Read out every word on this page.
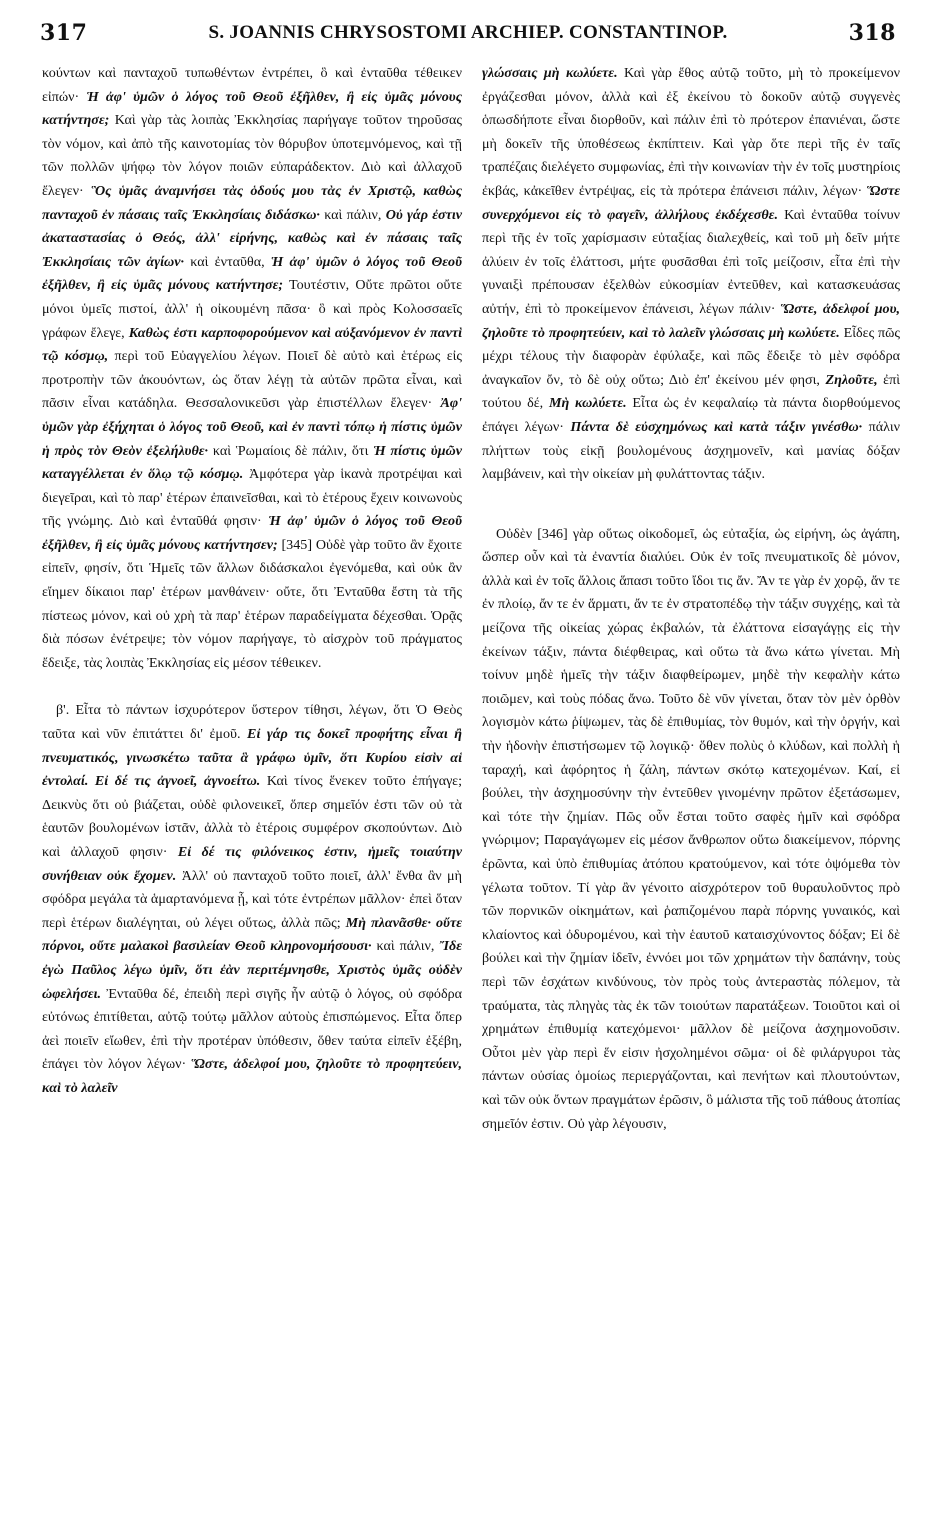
317	S. JOANNIS CHRYSOSTOMI ARCHIEP. CONSTANTINOP.	318

κούντων καὶ πανταχοῦ τυπωθέντων ἐντρέπει, ὃ καὶ ἐνταῦθα τέθεικεν εἰπών· Ἡ ἀφ' ὑμῶν ὁ λόγος τοῦ Θεοῦ ἐξῆλθεν, ἢ εἰς ὑμᾶς μόνους κατήντησε; Καὶ γὰρ τὰς λοιπὰς Ἐκκλησίας παρήγαγε τοῦτον τηροῦσας τὸν νόμον, καὶ ἀπὸ τῆς καινοτομίας τὸν θόρυβον ὑποτεμνόμενος, καὶ τῇ τῶν πολλῶν ψήφῳ τὸν λόγον ποιῶν εὐπαράδεκτον. Διὸ καὶ ἀλλαχοῦ ἔλεγεν· Ὃς ὑμᾶς ἀναμνήσει τὰς ὁδούς μου τὰς ἐν Χριστῷ, καθὼς πανταχοῦ ἐν πάσαις ταῖς Ἐκκλησίαις διδάσκω· καὶ πάλιν, Οὐ γάρ ἐστιν ἀκαταστασίας ὁ Θεός, ἀλλ' εἰρήνης, καθὼς καὶ ἐν πάσαις ταῖς Ἐκκλησίαις τῶν ἁγίων· καὶ ἐνταῦθα, Ἡ ἀφ' ὑμῶν ὁ λόγος τοῦ Θεοῦ ἐξῆλθεν, ἢ εἰς ὑμᾶς μόνους κατήντησε; Τουτέστιν, Οὔτε πρῶτοι οὔτε μόνοι ὑμεῖς πιστοί, ἀλλ' ἡ οἰκουμένη πᾶσα· ὃ καὶ πρὸς Κολοσσαεῖς γράφων ἔλεγε, Καθὼς ἐστι καρποφορούμενον καὶ αὐξανόμενον ἐν παντὶ τῷ κόσμῳ, περὶ τοῦ Εὐαγγελίου λέγων. Ποιεῖ δὲ αὐτὸ καὶ ἑτέρως εἰς προτροπὴν τῶν ἀκουόντων, ὡς ὅταν λέγῃ τὰ αὐτῶν πρῶτα εἶναι, καὶ πᾶσιν εἶναι κατάδηλα. Θεσσαλονικεῦσι γὰρ ἐπιστέλλων ἔλεγεν· Ἀφ' ὑμῶν γὰρ ἐξήχηται ὁ λόγος τοῦ Θεοῦ, καὶ ἐν παντὶ τόπῳ ἡ πίστις ὑμῶν ἡ πρὸς τὸν Θεὸν ἐξελήλυθε· καὶ Ῥωμαίοις δὲ πάλιν, ὅτι Ἡ πίστις ὑμῶν καταγγέλλεται ἐν ὅλῳ τῷ κόσμῳ. Ἀμφότερα γὰρ ἱκανὰ προτρέψαι καὶ διεγεῖραι, καὶ τὸ παρ' ἑτέρων ἐπαινεῖσθαι, καὶ τὸ ἑτέρους ἔχειν κοινωνοὺς τῆς γνώμης. Διὸ καὶ ἐνταῦθά φησιν· Ἡ ἀφ' ὑμῶν ὁ λόγος τοῦ Θεοῦ ἐξῆλθεν, ἢ εἰς ὑμᾶς μόνους κατήντησεν; [345] Οὐδὲ γὰρ τοῦτο ἂν ἔχοιτε εἰπεῖν, φησίν, ὅτι Ἡμεῖς τῶν ἄλλων διδάσκαλοι ἐγενόμεθα, καὶ οὐκ ἂν εἴημεν δίκαιοι παρ' ἑτέρων μανθάνειν· οὔτε, ὅτι Ἐνταῦθα ἔστη τὰ τῆς πίστεως μόνον, καὶ οὐ χρὴ τὰ παρ' ἑτέρων παραδείγματα δέχεσθαι. Ὁρᾷς διὰ πόσων ἐνέτρεψε; τὸν νόμον παρήγαγε, τὸ αἰσχρὸν τοῦ πράγματος ἔδειξε, τὰς λοιπὰς Ἐκκλησίας εἰς μέσον τέθεικεν.

β'. Εἶτα τὸ πάντων ἰσχυρότερον ὕστερον τίθησι, λέγων, ὅτι Ὁ Θεὸς ταῦτα καὶ νῦν ἐπιτάττει δι' ἐμοῦ. Εἰ γάρ τις δοκεῖ προφήτης εἶναι ἢ πνευματικός, γινωσκέτω ταῦτα ἃ γράφω ὑμῖν, ὅτι Κυρίου εἰσὶν αἱ ἐντολαί. Εἰ δέ τις ἀγνοεῖ, ἀγνοείτω. Καὶ τίνος ἕνεκεν τοῦτο ἐπήγαγε; Δεικνὺς ὅτι οὐ βιάζεται, οὐδὲ φιλονεικεῖ, ὅπερ σημεῖόν ἐστι τῶν οὐ τὰ ἑαυτῶν βουλομένων ἱστᾶν, ἀλλὰ τὸ ἑτέροις συμφέρον σκοπούντων. Διὸ καὶ ἀλλαχοῦ φησιν· Εἰ δέ τις φιλόνεικος ἐστιν, ἡμεῖς τοιαύτην συνήθειαν οὐκ ἔχομεν. Ἀλλ' οὐ πανταχοῦ τοῦτο ποιεῖ, ἀλλ' ἔνθα ἂν μὴ σφόδρα μεγάλα τὰ ἁμαρτανόμενα ᾖ, καὶ τότε ἐντρέπων μᾶλλον· ἐπεὶ ὅταν περὶ ἑτέρων διαλέγηται, οὐ λέγει οὕτως, ἀλλὰ πῶς; Μὴ πλανᾶσθε· οὔτε πόρνοι, οὔτε μαλακοὶ βασιλείαν Θεοῦ κληρονομήσουσι· καὶ πάλιν, Ἴδε ἐγὼ Παῦλος λέγω ὑμῖν, ὅτι ἐὰν περιτέμνησθε, Χριστὸς ὑμᾶς οὐδὲν ὠφελήσει. Ἐνταῦθα δέ, ἐπειδὴ περὶ σιγῆς ἦν αὐτῷ ὁ λόγος, οὐ σφόδρα εὐτόνως ἐπιτίθεται, αὐτῷ τούτῳ μᾶλλον αὐτοὺς ἐπισπώμενος. Εἶτα ὅπερ ἀεὶ ποιεῖν εἴωθεν, ἐπὶ τὴν προτέραν ὑπόθεσιν, ὅθεν ταύτα εἰπεῖν ἐξέβη, ἐπάγει τὸν λόγον λέγων· Ὥστε, ἀδελφοί μου, ζηλοῦτε τὸ προφητεύειν, καὶ τὸ λαλεῖν

γλώσσαις μὴ κωλύετε. Καὶ γὰρ ἔθος αὐτῷ τοῦτο, μὴ τὸ προκείμενον ἐργάζεσθαι μόνον, ἀλλὰ καὶ ἐξ ἐκείνου τὸ δοκοῦν αὐτῷ συγγενὲς ὁπωσδήποτε εἶναι διορθοῦν, καὶ πάλιν ἐπὶ τὸ πρότερον ἐπανιέναι, ὥστε μὴ δοκεῖν τῆς ὑποθέσεως ἐκπίπτειν. Καὶ γὰρ ὅτε περὶ τῆς ἐν ταῖς τραπέζαις διελέγετο συμφωνίας, ἐπὶ τὴν κοινωνίαν τὴν ἐν τοῖς μυστηρίοις ἐκβάς, κἀκεῖθεν ἐντρέψας, εἰς τὰ πρότερα ἐπάνεισι πάλιν, λέγων· Ὥστε συνερχόμενοι εἰς τὸ φαγεῖν, ἀλλήλους ἐκδέχεσθε. Καὶ ἐνταῦθα τοίνυν περὶ τῆς ἐν τοῖς χαρίσμασιν εὐταξίας διαλεχθείς, καὶ τοῦ μὴ δεῖν μήτε ἀλύειν ἐν τοῖς ἐλάττοσι, μήτε φυσᾶσθαι ἐπὶ τοῖς μείζοσιν, εἶτα ἐπὶ τὴν γυναιξὶ πρέπουσαν ἐξελθὼν εὐκοσμίαν ἐντεῦθεν, καὶ κατασκευάσας αὐτήν, ἐπὶ τὸ προκείμενον ἐπάνεισι, λέγων πάλιν· Ὥστε, ἀδελφοί μου, ζηλοῦτε τὸ προφητεύειν, καὶ τὸ λαλεῖν γλώσσαις μὴ κωλύετε. Εἶδες πῶς μέχρι τέλους τὴν διαφορὰν ἐφύλαξε, καὶ πῶς ἔδειξε τὸ μὲν σφόδρα ἀναγκαῖον ὄν, τὸ δὲ οὐχ οὕτω; Διὸ ἐπ' ἐκείνου μέν φησι, Ζηλοῦτε, ἐπὶ τούτου δέ, Μὴ κωλύετε. Εἶτα ὡς ἐν κεφαλαίῳ τὰ πάντα διορθούμενος ἐπάγει λέγων· Πάντα δὲ εὐσχημόνως καὶ κατὰ τάξιν γινέσθω· πάλιν πλήττων τοὺς εἰκῇ βουλομένους ἀσχημονεῖν, καὶ μανίας δόξαν λαμβάνειν, καὶ τὴν οἰκείαν μὴ φυλάττοντας τάξιν.

Οὐδὲν [346] γὰρ οὕτως οἰκοδομεῖ, ὡς εὐταξία, ὡς εἰρήνη, ὡς ἀγάπη, ὥσπερ οὖν καὶ τὰ ἐναντία διαλύει. Οὐκ ἐν τοῖς πνευματικοῖς δὲ μόνον, ἀλλὰ καὶ ἐν τοῖς ἄλλοις ἅπασι τοῦτο ἴδοι τις ἄν. Ἄν τε γὰρ ἐν χορῷ, ἄν τε ἐν πλοίῳ, ἄν τε ἐν ἅρματι, ἄν τε ἐν στρατοπέδῳ τὴν τάξιν συγχέῃς, καὶ τὰ μείζονα τῆς οἰκείας χώρας ἐκβαλών, τὰ ἐλάττονα εἰσαγάγῃς εἰς τὴν ἐκείνων τάξιν, πάντα διέφθειρας, καὶ οὕτω τὰ ἄνω κάτω γίνεται. Μὴ τοίνυν μηδὲ ἡμεῖς τὴν τάξιν διαφθείρωμεν, μηδὲ τὴν κεφαλὴν κάτω ποιῶμεν, καὶ τοὺς πόδας ἄνω. Τοῦτο δὲ νῦν γίνεται, ὅταν τὸν μὲν ὀρθὸν λογισμὸν κάτω ῥίψωμεν, τὰς δὲ ἐπιθυμίας, τὸν θυμόν, καὶ τὴν ὀργήν, καὶ τὴν ἡδονὴν ἐπιστήσωμεν τῷ λογικῷ· ὅθεν πολὺς ὁ κλύδων, καὶ πολλὴ ἡ ταραχή, καὶ ἀφόρητος ἡ ζάλη, πάντων σκότῳ κατεχομένων. Καί, εἰ βούλει, τὴν ἀσχημοσύνην τὴν ἐντεῦθεν γινομένην πρῶτον ἐξετάσωμεν, καὶ τότε τὴν ζημίαν. Πῶς οὖν ἔσται τοῦτο σαφὲς ἡμῖν καὶ σφόδρα γνώριμον; Παραγάγωμεν εἰς μέσον ἄνθρωπον οὕτω διακείμενον, πόρνης ἐρῶντα, καὶ ὑπὸ ἐπιθυμίας ἀτόπου κρατούμενον, καὶ τότε ὀψόμεθα τὸν γέλωτα τοῦτον. Τί γὰρ ἂν γένοιτο αἰσχρότερον τοῦ θυραυλοῦντος πρὸ τῶν πορνικῶν οἰκημάτων, καὶ ῥαπιζομένου παρὰ πόρνης γυναικός, καὶ κλαίοντος καὶ ὀδυρομένου, καὶ τὴν ἑαυτοῦ καταισχύνοντος δόξαν; Εἰ δὲ βούλει καὶ τὴν ζημίαν ἰδεῖν, ἐννόει μοι τῶν χρημάτων τὴν δαπάνην, τοὺς περὶ τῶν ἐσχάτων κινδύνους, τὸν πρὸς τοὺς ἀντεραστὰς πόλεμον, τὰ τραύματα, τὰς πληγὰς τὰς ἐκ τῶν τοιούτων παρατάξεων. Τοιοῦτοι καὶ οἱ χρημάτων ἐπιθυμίᾳ κατεχόμενοι· μᾶλλον δὲ μείζονα ἀσχημονοῦσιν. Οὗτοι μὲν γὰρ περὶ ἕν εἰσιν ἠσχολημένοι σῶμα· οἱ δὲ φιλάργυροι τὰς πάντων οὐσίας ὁμοίως περιεργάζονται, καὶ πενήτων καὶ πλουτούντων, καὶ τῶν οὐκ ὄντων πραγμάτων ἐρῶσιν, ὃ μάλιστα τῆς τοῦ πάθους ἀτοπίας σημεῖόν ἐστιν. Οὐ γὰρ λέγουσιν,
